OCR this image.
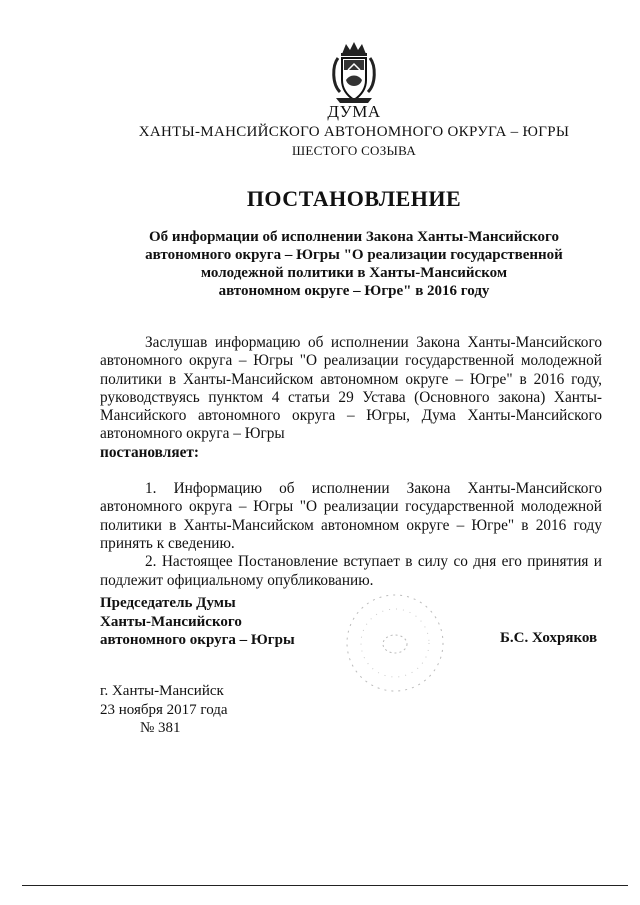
ДУМА
ХАНТЫ-МАНСИЙСКОГО АВТОНОМНОГО ОКРУГА – ЮГРЫ
ШЕСТОГО СОЗЫВА
ПОСТАНОВЛЕНИЕ
Об информации об исполнении Закона Ханты-Мансийского
автономного округа – Югры "О реализации государственной
молодежной политики в Ханты-Мансийском
автономном округе – Югре" в 2016 году

Заслушав информацию об исполнении Закона Ханты-Мансийского автономного округа – Югры "О реализации государственной молодежной политики в Ханты-Мансийском автономном округе – Югре" в 2016 году, руководствуясь пунктом 4 статьи 29 Устава (Основного закона) Ханты-Мансийского автономного округа – Югры, Дума Ханты-Мансийского автономного округа – Югры

постановляет:

1. Информацию об исполнении Закона Ханты-Мансийского автономного округа – Югры "О реализации государственной молодежной политики в Ханты-Мансийском автономном округе – Югре" в 2016 году принять к сведению.

2. Настоящее Постановление вступает в силу со дня его принятия и подлежит официальному опубликованию.

Председатель Думы
Ханты-Мансийского
автономного округа – Югры	Б.С. Хохряков
г. Ханты-Мансийск
23 ноября 2017 года
№ 381
